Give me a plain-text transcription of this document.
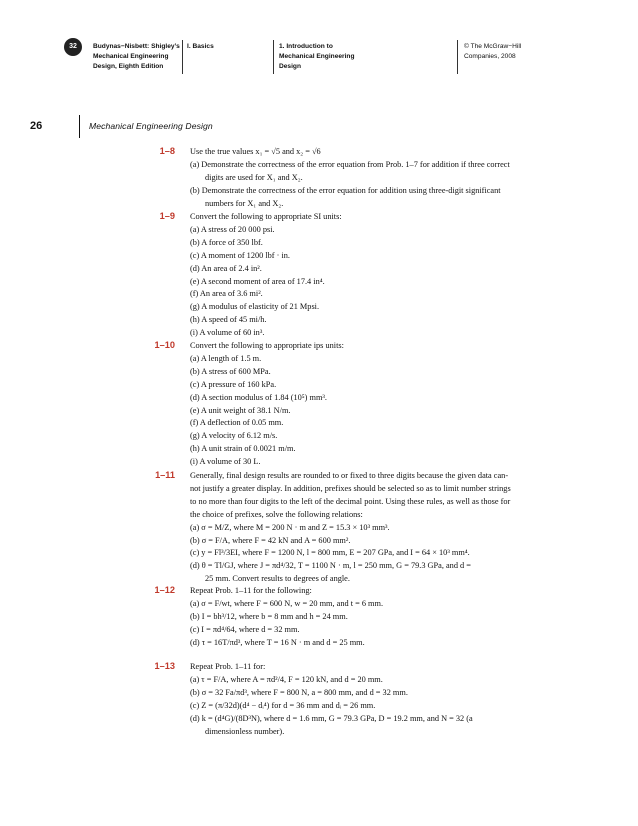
32	Budynas−Nisbett: Shigley’s
Mechanical Engineering
Design, Eighth Edition
I. Basics	1. Introduction to
Mechanical Engineering
Design
© The McGraw−Hill
Companies, 2008
26	Mechanical Engineering Design
1–8 Use the true values x₁ = √5 and x₂ = √6
(a) Demonstrate the correctness of the error equation from Prob. 1–7 for addition if three correct
digits are used for X₁ and X₂.
(b) Demonstrate the correctness of the error equation for addition using three-digit significant
numbers for X₁ and X₂.
1–9 Convert the following to appropriate SI units:
(a) A stress of 20 000 psi.
(b) A force of 350 lbf.
(c) A moment of 1200 lbf · in.
(d) An area of 2.4 in².
(e) A second moment of area of 17.4 in⁴.
(f) An area of 3.6 mi².
(g) A modulus of elasticity of 21 Mpsi.
(h) A speed of 45 mi/h.
(i) A volume of 60 in³.
1–10 Convert the following to appropriate ips units:
(a) A length of 1.5 m.
(b) A stress of 600 MPa.
(c) A pressure of 160 kPa.
(d) A section modulus of 1.84 (10⁵) mm³.
(e) A unit weight of 38.1 N/m.
(f) A deflection of 0.05 mm.
(g) A velocity of 6.12 m/s.
(h) A unit strain of 0.0021 m/m.
(i) A volume of 30 L.
1–11 Generally, final design results are rounded to or fixed to three digits because the given data can-
not justify a greater display. In addition, prefixes should be selected so as to limit number strings
to no more than four digits to the left of the decimal point. Using these rules, as well as those for
the choice of prefixes, solve the following relations:
(a) σ = M/Z, where M = 200 N · m and Z = 15.3 × 10³ mm³.
(b) σ = F/A, where F = 42 kN and A = 600 mm².
(c) y = Fl³/3EI, where F = 1200 N, l = 800 mm, E = 207 GPa, and I = 64 × 10³ mm⁴.
(d) θ = Tl/GJ, where J = πd⁴/32, T = 1100 N · m, l = 250 mm, G = 79.3 GPa, and d =
25 mm. Convert results to degrees of angle.
1–12 Repeat Prob. 1–11 for the following:
(a) σ = F/wt, where F = 600 N, w = 20 mm, and t = 6 mm.
(b) I = bh³/12, where b = 8 mm and h = 24 mm.
(c) I = πd⁴/64, where d = 32 mm.
(d) τ = 16T/πd³, where T = 16 N · m and d = 25 mm.
1–13 Repeat Prob. 1–11 for:
(a) τ = F/A, where A = πd²/4, F = 120 kN, and d = 20 mm.
(b) σ = 32 Fa/πd³, where F = 800 N, a = 800 mm, and d = 32 mm.
(c) Z = (π/32d)(d⁴ − dᵢ⁴) for d = 36 mm and dᵢ = 26 mm.
(d) k = (d⁴G)/(8D³N), where d = 1.6 mm, G = 79.3 GPa, D = 19.2 mm, and N = 32 (a
dimensionless number).
